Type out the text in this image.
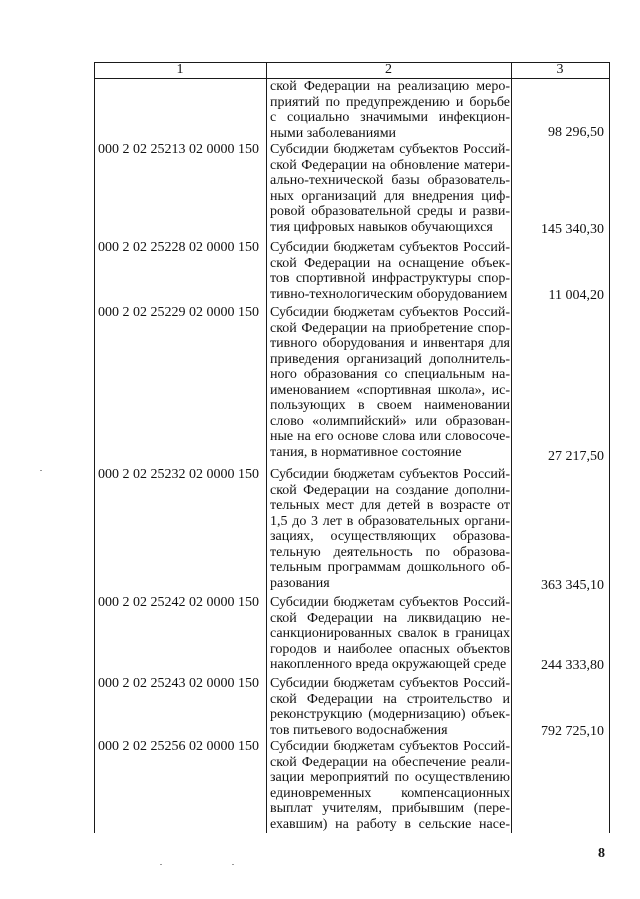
1	2	3
ской Федерации на реализацию меро-
приятий по предупреждению и борьбе
с социально значимыми инфекцион-
ными заболеваниями	98 296,50
000 2 02 25213 02 0000 150 Субсидии бюджетам субъектов Россий-
ской Федерации на обновление матери-
ально-технической базы образователь-
ных организаций для внедрения циф-
ровой образовательной среды и разви-
тия цифровых навыков обучающихся	145 340,30
000 2 02 25228 02 0000 150 Субсидии бюджетам субъектов Россий-
ской Федерации на оснащение объек-
тов спортивной инфраструктуры спор-
тивно-технологическим оборудованием	11 004,20
000 2 02 25229 02 0000 150 Субсидии бюджетам субъектов Россий-
ской Федерации на приобретение спор-
тивного оборудования и инвентаря для
приведения организаций дополнитель-
ного образования со специальным на-
именованием «спортивная школа», ис-
пользующих в своем наименовании
слово «олимпийский» или образован-
ные на его основе слова или словосоче-
тания, в нормативное состояние	27 217,50
000 2 02 25232 02 0000 150 Субсидии бюджетам субъектов Россий-
ской Федерации на создание дополни-
тельных мест для детей в возрасте от
1,5 до 3 лет в образовательных органи-
зациях, осуществляющих образова-
тельную деятельность по образова-
тельным программам дошкольного об-
разования	363 345,10
000 2 02 25242 02 0000 150 Субсидии бюджетам субъектов Россий-
ской Федерации на ликвидацию не-
санкционированных свалок в границах
городов и наиболее опасных объектов
накопленного вреда окружающей среде	244 333,80
000 2 02 25243 02 0000 150 Субсидии бюджетам субъектов Россий-
ской Федерации на строительство и
реконструкцию (модернизацию) объек-
тов питьевого водоснабжения	792 725,10
000 2 02 25256 02 0000 150 Субсидии бюджетам субъектов Россий-
ской Федерации на обеспечение реали-
зации мероприятий по осуществлению
единовременных компенсационных
выплат учителям, прибывшим (пере-
ехавшим) на работу в сельские насе-
8
